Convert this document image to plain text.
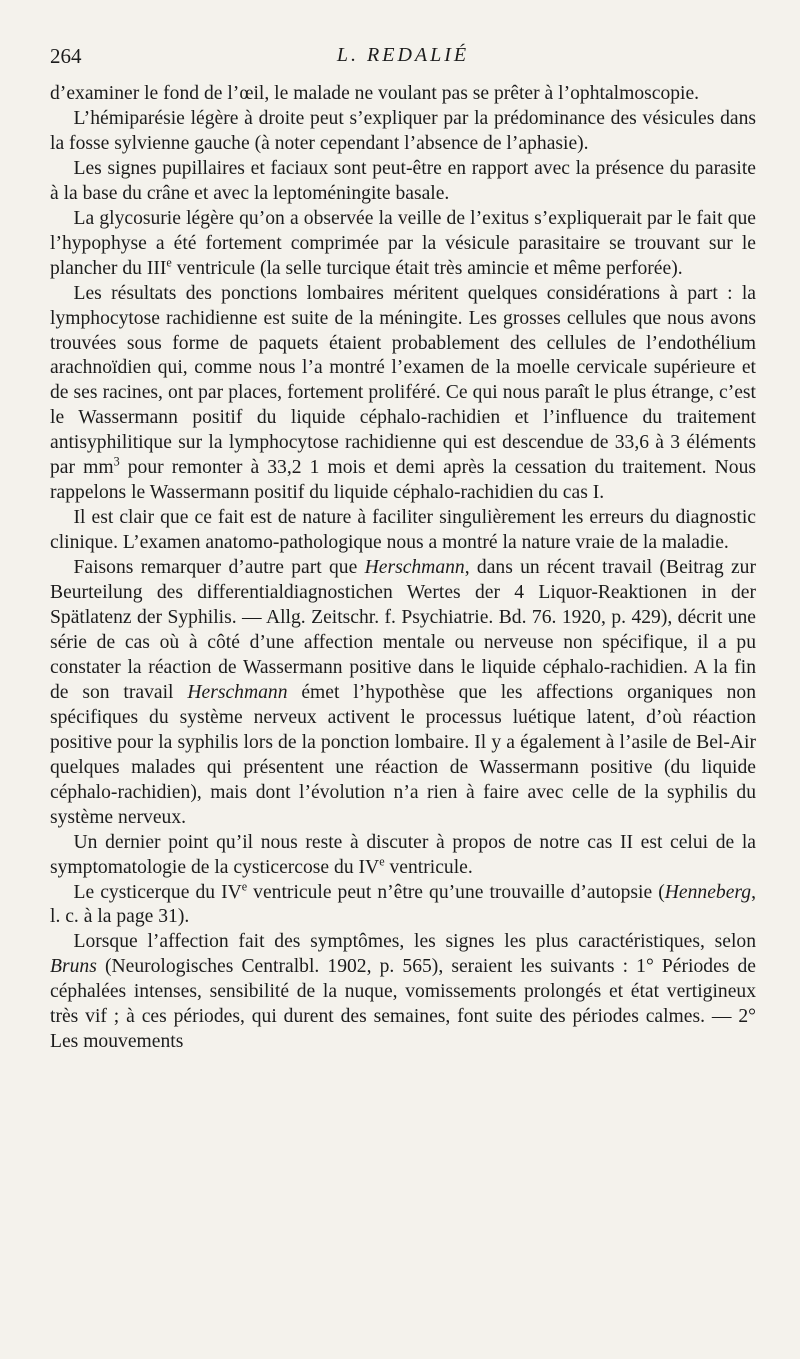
264	L. REDALIÉ

d’examiner le fond de l’œil, le malade ne voulant pas se prêter à l’ophtalmoscopie.

L’hémiparésie légère à droite peut s’expliquer par la prédominance des vésicules dans la fosse sylvienne gauche (à noter cependant l’absence de l’aphasie).

Les signes pupillaires et faciaux sont peut-être en rapport avec la présence du parasite à la base du crâne et avec la leptoméningite basale.

La glycosurie légère qu’on a observée la veille de l’exitus s’expliquerait par le fait que l’hypophyse a été fortement comprimée par la vésicule parasitaire se trouvant sur le plancher du IIIe ventricule (la selle turcique était très amincie et même perforée).

Les résultats des ponctions lombaires méritent quelques considérations à part : la lymphocytose rachidienne est suite de la méningite. Les grosses cellules que nous avons trouvées sous forme de paquets étaient probablement des cellules de l’endothélium arachnoïdien qui, comme nous l’a montré l’examen de la moelle cervicale supérieure et de ses racines, ont par places, fortement proliféré. Ce qui nous paraît le plus étrange, c’est le Wassermann positif du liquide céphalo-rachidien et l’influence du traitement antisyphilitique sur la lymphocytose rachidienne qui est descendue de 33,6 à 3 éléments par $mm^3$ pour remonter à 33,2 1 mois et demi après la cessation du traitement. Nous rappelons le Wassermann positif du liquide céphalo-rachidien du cas I.

Il est clair que ce fait est de nature à faciliter singulièrement les erreurs du diagnostic clinique. L’examen anatomo-pathologique nous a montré la nature vraie de la maladie.

Faisons remarquer d’autre part que Herschmann, dans un récent travail (Beitrag zur Beurteilung des differentialdiagnostichen Wertes der 4 Liquor-Reaktionen in der Spätlatenz der Syphilis. — Allg. Zeitschr. f. Psychiatrie. Bd. 76. 1920, p. 429), décrit une série de cas où à côté d’une affection mentale ou nerveuse non spécifique, il a pu constater la réaction de Wassermann positive dans le liquide céphalo-rachidien. A la fin de son travail Herschmann émet l’hypothèse que les affections organiques non spécifiques du système nerveux activent le processus luétique latent, d’où réaction positive pour la syphilis lors de la ponction lombaire. Il y a également à l’asile de Bel-Air quelques malades qui présentent une réaction de Wassermann positive (du liquide céphalo-rachidien), mais dont l’évolution n’a rien à faire avec celle de la syphilis du système nerveux.

Un dernier point qu’il nous reste à discuter à propos de notre cas II est celui de la symptomatologie de la cysticercose du IVe ventricule.

Le cysticerque du IVe ventricule peut n’être qu’une trouvaille d’autopsie (Henneberg, l. c. à la page 31).

Lorsque l’affection fait des symptômes, les signes les plus caractéristiques, selon Bruns (Neurologisches Centralbl. 1902, p. 565), seraient les suivants : 1° Périodes de céphalées intenses, sensibilité de la nuque, vomissements prolongés et état vertigineux très vif ; à ces périodes, qui durent des semaines, font suite des périodes calmes. — 2° Les mouvements
